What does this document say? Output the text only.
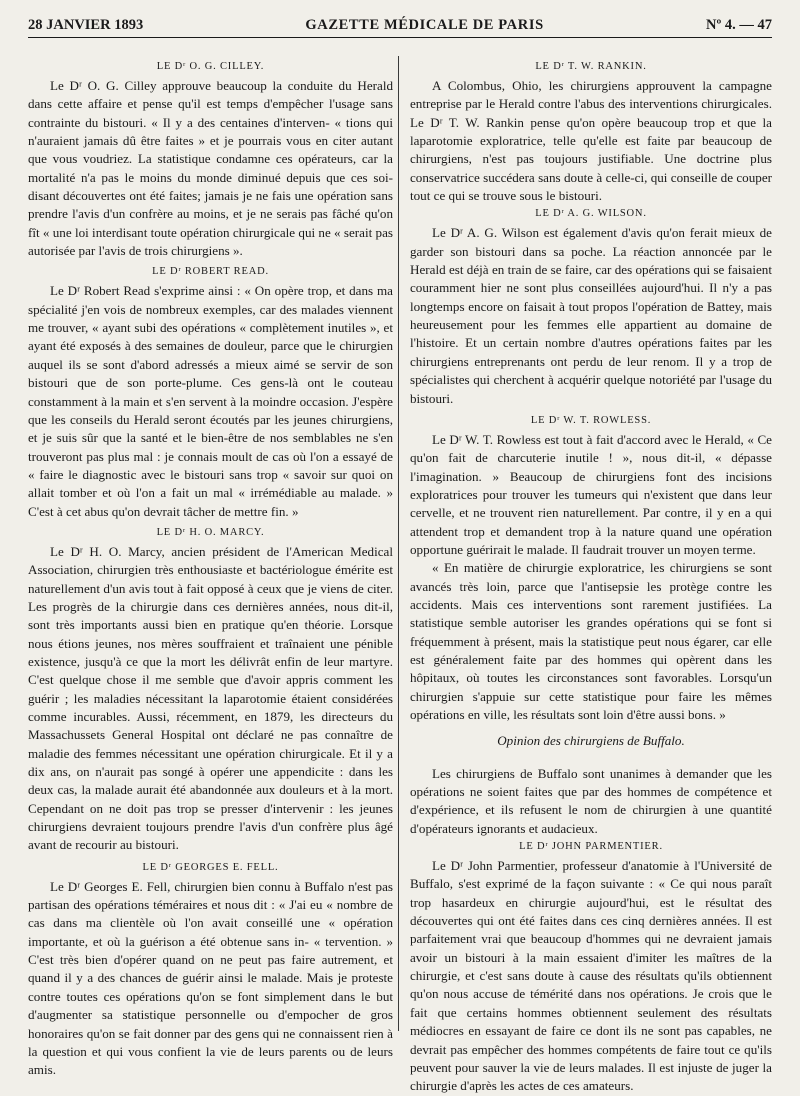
28 JANVIER 1893	GAZETTE MÉDICALE DE PARIS	Nº 4. — 47
LE Dʳ O. G. CILLEY.

Le Dʳ O. G. Cilley approuve beaucoup la conduite du Herald dans cette affaire et pense qu'il est temps d'empêcher l'usage sans contrainte du bistouri. « Il y a des centaines d'interven- « tions qui n'auraient jamais dû être faites » et je pourrais vous en citer autant que vous voudriez. La statistique condamne ces opérateurs, car la mortalité n'a pas le moins du monde diminué depuis que ces soi-disant découvertes ont été faites; jamais je ne fais une opération sans prendre l'avis d'un confrère au moins, et je ne serais pas fâché qu'on fît « une loi interdisant toute opération chirurgicale qui ne « serait pas autorisée par l'avis de trois chirurgiens ».

LE Dʳ ROBERT READ.

Le Dʳ Robert Read s'exprime ainsi : « On opère trop, et dans ma spécialité j'en vois de nombreux exemples, car des malades viennent me trouver, « ayant subi des opérations « complètement inutiles », et ayant été exposés à des semaines de douleur, parce que le chirurgien auquel ils se sont d'abord adressés a mieux aimé se servir de son bistouri que de son porte-plume. Ces gens-là ont le couteau constamment à la main et s'en servent à la moindre occasion. J'espère que les conseils du Herald seront écoutés par les jeunes chirurgiens, et je suis sûr que la santé et le bien-être de nos semblables ne s'en trouveront pas plus mal : je connais moult de cas où l'on a essayé de « faire le diagnostic avec le bistouri sans trop « savoir sur quoi on allait tomber et où l'on a fait un mal « irrémédiable au malade. » C'est à cet abus qu'on devrait tâcher de mettre fin. »

LE Dʳ H. O. MARCY.

Le Dʳ H. O. Marcy, ancien président de l'American Medical Association, chirurgien très enthousiaste et bactériologue émérite est naturellement d'un avis tout à fait opposé à ceux que je viens de citer. Les progrès de la chirurgie dans ces dernières années, nous dit-il, sont très importants aussi bien en pratique qu'en théorie. Lorsque nous étions jeunes, nos mères souffraient et traînaient une pénible existence, jusqu'à ce que la mort les délivrât enfin de leur martyre. C'est quelque chose il me semble que d'avoir appris comment les guérir ; les maladies nécessitant la laparotomie étaient considérées comme incurables. Aussi, récemment, en 1879, les directeurs du Massachussets General Hospital ont déclaré ne pas connaître de maladie des femmes nécessitant une opération chirurgicale. Et il y a dix ans, on n'aurait pas songé à opérer une appendicite : dans les deux cas, la malade aurait été abandonnée aux douleurs et à la mort. Cependant on ne doit pas trop se presser d'intervenir : les jeunes chirurgiens devraient toujours prendre l'avis d'un confrère plus âgé avant de recourir au bistouri.

LE Dʳ GEORGES E. FELL.

Le Dʳ Georges E. Fell, chirurgien bien connu à Buffalo n'est pas partisan des opérations téméraires et nous dit : « J'ai eu « nombre de cas dans ma clientèle où l'on avait conseillé une « opération importante, et où la guérison a été obtenue sans in- « tervention. » C'est très bien d'opérer quand on ne peut pas faire autrement, et quand il y a des chances de guérir ainsi le malade. Mais je proteste contre toutes ces opérations qu'on se font simplement dans le but d'augmenter sa statistique personnelle ou d'empocher de gros honoraires qu'on se fait donner par des gens qui ne connaissent rien à la question et qui vous confient la vie de leurs parents ou de leurs amis.

LE Dʳ T. W. RANKIN.

A Colombus, Ohio, les chirurgiens approuvent la campagne entreprise par le Herald contre l'abus des interventions chirurgicales. Le Dʳ T. W. Rankin pense qu'on opère beaucoup trop et que la laparotomie exploratrice, telle qu'elle est faite par beaucoup de chirurgiens, n'est pas toujours justifiable. Une doctrine plus conservatrice succédera sans doute à celle-ci, qui conseille de couper tout ce qui se trouve sous le bistouri.

LE Dʳ A. G. WILSON.

Le Dʳ A. G. Wilson est également d'avis qu'on ferait mieux de garder son bistouri dans sa poche. La réaction annoncée par le Herald est déjà en train de se faire, car des opérations qui se faisaient couramment hier ne sont plus conseillées aujourd'hui. Il n'y a pas longtemps encore on faisait à tout propos l'opération de Battey, mais heureusement pour les femmes elle appartient au domaine de l'histoire. Et un certain nombre d'autres opérations faites par les chirurgiens entreprenants ont perdu de leur renom. Il y a trop de spécialistes qui cherchent à acquérir quelque notoriété par l'usage du bistouri.

LE Dʳ W. T. ROWLESS.

Le Dʳ W. T. Rowless est tout à fait d'accord avec le Herald, « Ce qu'on fait de charcuterie inutile ! », nous dit-il, « dépasse l'imagination. » Beaucoup de chirurgiens font des incisions exploratrices pour trouver les tumeurs qui n'existent que dans leur cervelle, et ne trouvent rien naturellement. Par contre, il y en a qui attendent trop et demandent trop à la nature quand une opération opportune guérirait le malade. Il faudrait trouver un moyen terme.

« En matière de chirurgie exploratrice, les chirurgiens se sont avancés très loin, parce que l'antisepsie les protège contre les accidents. Mais ces interventions sont rarement justifiées. La statistique semble autoriser les grandes opérations qui se font si fréquemment à présent, mais la statistique peut nous égarer, car elle est généralement faite par des hommes qui opèrent dans les hôpitaux, où toutes les circonstances sont favorables. Lorsqu'un chirurgien s'appuie sur cette statistique pour faire les mêmes opérations en ville, les résultats sont loin d'être aussi bons. »

Opinion des chirurgiens de Buffalo.

Les chirurgiens de Buffalo sont unanimes à demander que les opérations ne soient faites que par des hommes de compétence et d'expérience, et ils refusent le nom de chirurgien à une quantité d'opérateurs ignorants et audacieux.

LE Dʳ JOHN PARMENTIER.

Le Dʳ John Parmentier, professeur d'anatomie à l'Université de Buffalo, s'est exprimé de la façon suivante : « Ce qui nous paraît trop hasardeux en chirurgie aujourd'hui, est le résultat des découvertes qui ont été faites dans ces cinq dernières années. Il est parfaitement vrai que beaucoup d'hommes qui ne devraient jamais avoir un bistouri à la main essaient d'imiter les maîtres de la chirurgie, et c'est sans doute à cause des résultats qu'ils obtiennent qu'on nous accuse de témérité dans nos opérations. Je crois que le fait que certains hommes obtiennent seulement des résultats médiocres en essayant de faire ce dont ils ne sont pas capables, ne devrait pas empêcher des hommes compétents de faire tout ce qu'ils peuvent pour sauver la vie de leurs malades. Il est injuste de juger la chirurgie d'après les actes de ces amateurs.
